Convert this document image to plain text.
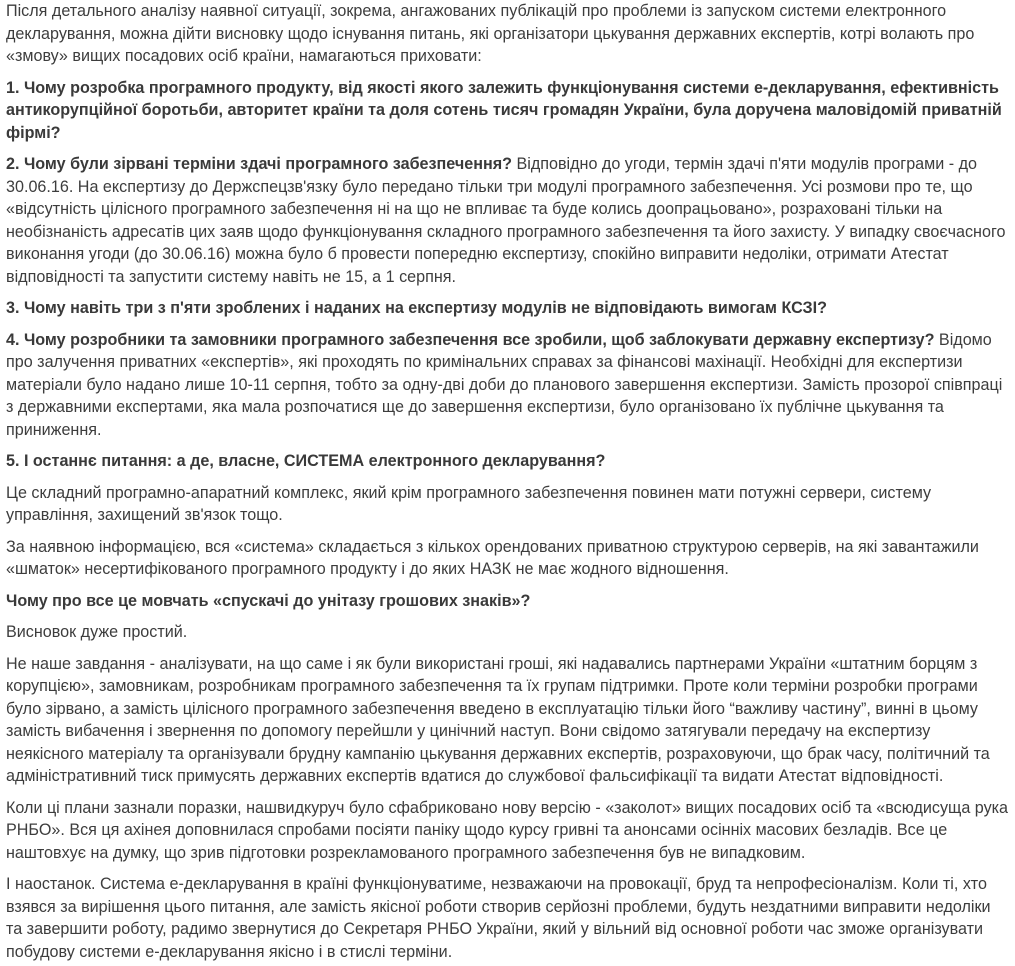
Після детального аналізу наявної ситуації, зокрема, ангажованих публікацій про проблеми із запуском системи електронного декларування, можна дійти висновку щодо існування питань, які організатори цькування державних експертів, котрі волають про «змову» вищих посадових осіб країни, намагаються приховати:

1. Чому розробка програмного продукту, від якості якого залежить функціонування системи е-декларування, ефективність антикорупційної боротьби, авторитет країни та доля сотень тисяч громадян України, була доручена маловідомій приватній фірмі?

2. Чому були зірвані терміни здачі програмного забезпечення? Відповідно до угоди, термін здачі п'яти модулів програми - до 30.06.16. На експертизу до Держспецзв'язку було передано тільки три модулі програмного забезпечення. Усі розмови про те, що «відсутність цілісного програмного забезпечення ні на що не впливає та буде колись доопрацьовано», розраховані тільки на необізнаність адресатів цих заяв щодо функціонування складного програмного забезпечення та його захисту. У випадку своєчасного виконання угоди (до 30.06.16) можна було б провести попередню експертизу, спокійно виправити недоліки, отримати Атестат відповідності та запустити систему навіть не 15, а 1 серпня.

3. Чому навіть три з п'яти зроблених і наданих на експертизу модулів не відповідають вимогам КСЗІ?

4. Чому розробники та замовники програмного забезпечення все зробили, щоб заблокувати державну експертизу? Відомо про залучення приватних «експертів», які проходять по кримінальних справах за фінансові махінації. Необхідні для експертизи матеріали було надано лише 10-11 серпня, тобто за одну-дві доби до планового завершення експертизи. Замість прозорої співпраці з державними експертами, яка мала розпочатися ще до завершення експертизи, було організовано їх публічне цькування та приниження.

5. І останнє питання: а де, власне, СИСТЕМА електронного декларування?

Це складний програмно-апаратний комплекс, який крім програмного забезпечення повинен мати потужні сервери, систему управління, захищений зв'язок тощо.

За наявною інформацією, вся «система» складається з кількох орендованих приватною структурою серверів, на які завантажили «шматок» несертифікованого програмного продукту і до яких НАЗК не має жодного відношення.

Чому про все це мовчать «спускачі до унітазу грошових знаків»?

Висновок дуже простий.

Не наше завдання - аналізувати, на що саме і як були використані гроші, які надавались партнерами України «штатним борцям з корупцією», замовникам, розробникам програмного забезпечення та їх групам підтримки. Проте коли терміни розробки програми було зірвано, а замість цілісного програмного забезпечення введено в експлуатацію тільки його “важливу частину”, винні в цьому замість вибачення і звернення по допомогу перейшли у цинічний наступ. Вони свідомо затягували передачу на експертизу неякісного матеріалу та організували брудну кампанію цькування державних експертів, розраховуючи, що брак часу, політичний та адміністративний тиск примусять державних експертів вдатися до службової фальсифікації та видати Атестат відповідності.

Коли ці плани зазнали поразки, нашвидкуруч було сфабриковано нову версію - «заколот» вищих посадових осіб та «всюдисуща рука РНБО». Вся ця ахінея доповнилася спробами посіяти паніку щодо курсу гривні та анонсами осінніх масових безладів. Все це наштовхує на думку, що зрив підготовки розрекламованого програмного забезпечення був не випадковим.

І наостанок. Система е-декларування в країні функціонуватиме, незважаючи на провокації, бруд та непрофесіоналізм. Коли ті, хто взявся за вирішення цього питання, але замість якісної роботи створив серйозні проблеми, будуть нездатними виправити недоліки та завершити роботу, радимо звернутися до Секретаря РНБО України, який у вільний від основної роботи час зможе організувати побудову системи е-декларування якісно і в стислі терміни.
